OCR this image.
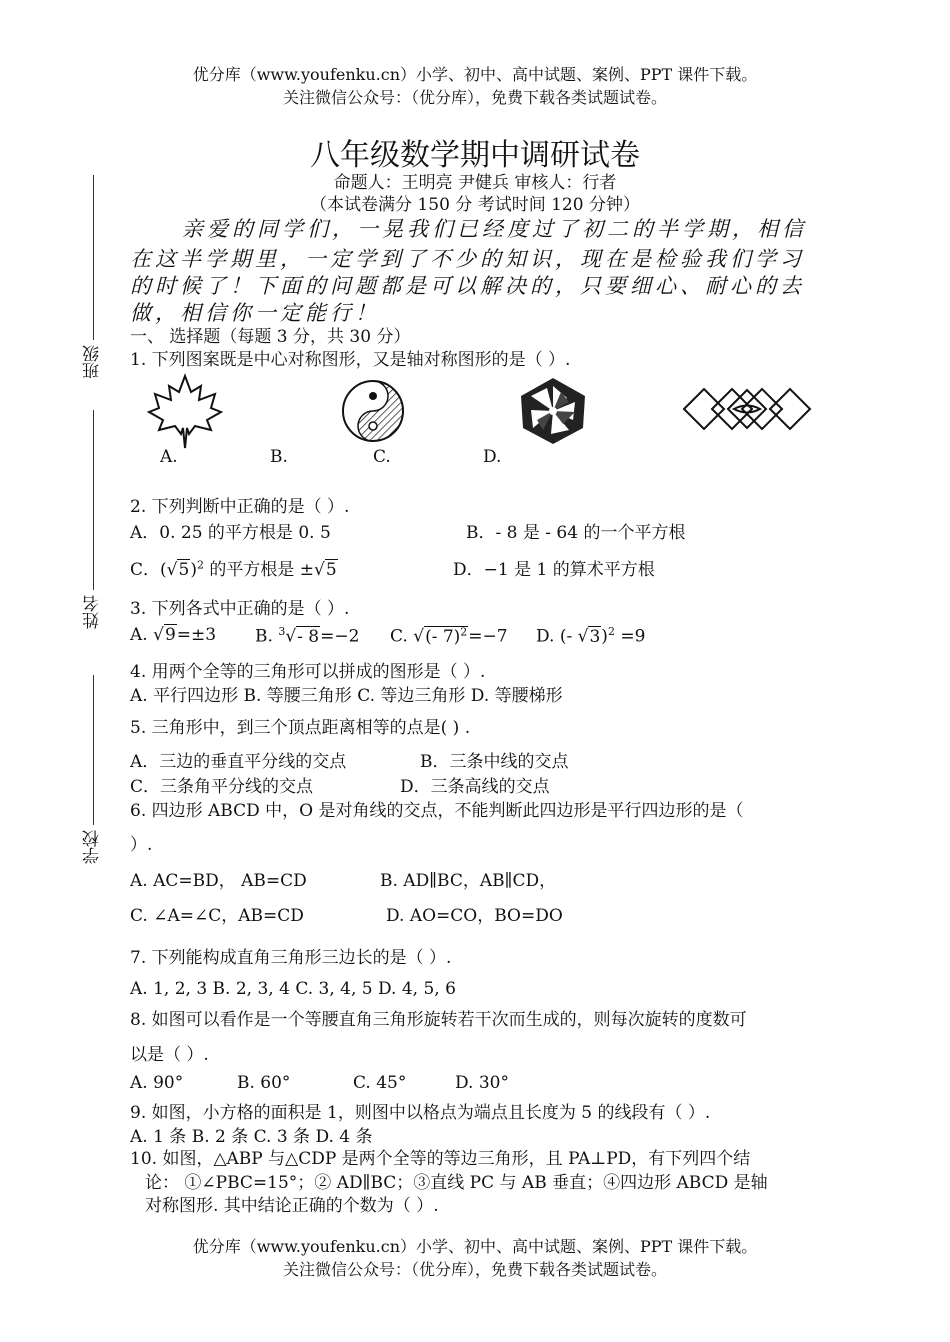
优分库（www.youfenku.cn）小学、初中、高中试题、案例、PPT 课件下载。
关注微信公众号：（优分库），免费下载各类试题试卷。
八年级数学期中调研试卷
命题人：王明亮 尹健兵 审核人：行者
（本试卷满分 150 分 考试时间 120 分钟）
亲爱的同学们，一晃我们已经度过了初二的半学期，相信
在这半学期里，一定学到了不少的知识，现在是检验我们学习
的时候了！下面的问题都是可以解决的，只要细心、耐心的去
做，相信你一定能行！
班级
姓名
学校
一、 选择题（每题 3 分，共 30 分）
1. 下列图案既是中心对称图形，又是轴对称图形的是（ ）.
A.	B.	C.	D.
2. 下列判断中正确的是（ ）.
A．0. 25 的平方根是 0. 5	B．- 8 是 - 64 的一个平方根
C．$(√5)^2$ 的平方根是 ±√5	D．−1 是 1 的算术平方根
3. 下列各式中正确的是（ ）.
A. √9=±3 B. $^3$√- 8=−2 C. √(- 7)$^2$=−7 D. (- √3)$^2$ =9
4. 用两个全等的三角形可以拼成的图形是（ ）.
A. 平行四边形 B. 等腰三角形 C. 等边三角形 D. 等腰梯形
5. 三角形中，到三个顶点距离相等的点是( ) .
A．三边的垂直平分线的交点	B．三条中线的交点
C．三条角平分线的交点	D．三条高线的交点
6. 四边形 ABCD 中，O 是对角线的交点，不能判断此四边形是平行四边形的是（
）.
A. AC=BD， AB=CD	B. AD∥BC，AB∥CD，
C. ∠A=∠C，AB=CD	D. AO=CO，BO=DO
7. 下列能构成直角三角形三边长的是（ ）.
A. 1, 2, 3 B. 2, 3, 4 C. 3, 4, 5 D. 4, 5, 6
8. 如图可以看作是一个等腰直角三角形旋转若干次而生成的，则每次旋转的度数可
以是（ ）.
A. 90°	B. 60°	C. 45°	D. 30°
9. 如图，小方格的面积是 1，则图中以格点为端点且长度为 5 的线段有（ ）.
A. 1 条 B. 2 条 C. 3 条 D. 4 条
10. 如图，△ABP 与△CDP 是两个全等的等边三角形，且 PA⊥PD，有下列四个结
论： ①∠PBC=15°；② AD∥BC；③直线 PC 与 AB 垂直；④四边形 ABCD 是轴
对称图形. 其中结论正确的个数为（ ）.
优分库（www.youfenku.cn）小学、初中、高中试题、案例、PPT 课件下载。
关注微信公众号：（优分库），免费下载各类试题试卷。
